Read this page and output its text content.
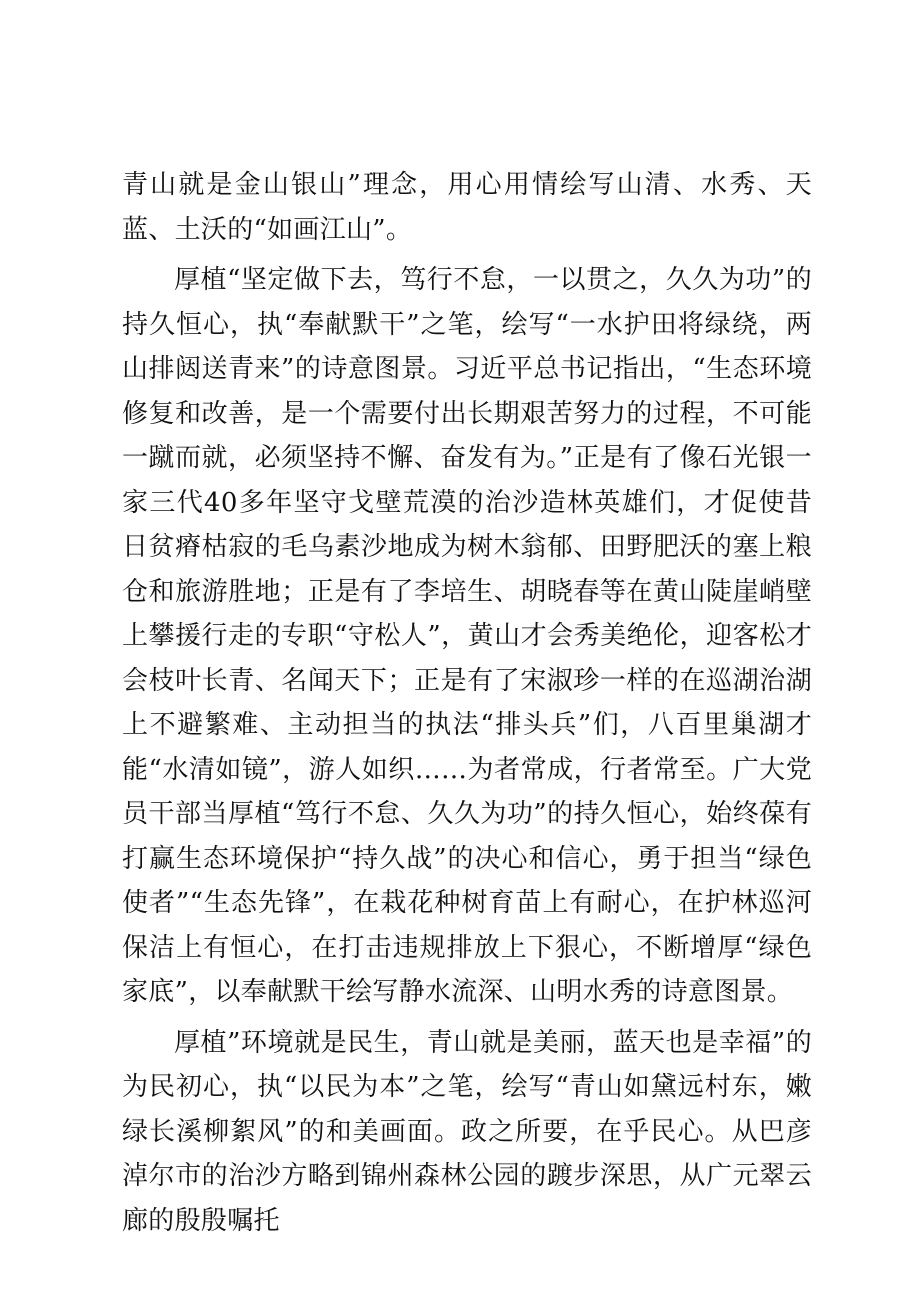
青山就是金山银山”理念，用心用情绘写山清、水秀、天蓝、土沃的“如画江山”。

厚植“坚定做下去，笃行不怠，一以贯之，久久为功”的持久恒心，执“奉献默干”之笔，绘写“一水护田将绿绕，两山排闼送青来”的诗意图景。习近平总书记指出，“生态环境修复和改善，是一个需要付出长期艰苦努力的过程，不可能一蹴而就，必须坚持不懈、奋发有为。”正是有了像石光银一家三代40多年坚守戈壁荒漠的治沙造林英雄们，才促使昔日贫瘠枯寂的毛乌素沙地成为树木翁郁、田野肥沃的塞上粮仓和旅游胜地；正是有了李培生、胡晓春等在黄山陡崖峭壁上攀援行走的专职“守松人”，黄山才会秀美绝伦，迎客松才会枝叶长青、名闻天下；正是有了宋淑珍一样的在巡湖治湖上不避繁难、主动担当的执法“排头兵”们，八百里巢湖才能“水清如镜”，游人如织……为者常成，行者常至。广大党员干部当厚植“笃行不怠、久久为功”的持久恒心，始终葆有打赢生态环境保护“持久战”的决心和信心，勇于担当“绿色使者”“生态先锋”，在栽花种树育苗上有耐心，在护林巡河保洁上有恒心，在打击违规排放上下狠心，不断增厚“绿色家底”，以奉献默干绘写静水流深、山明水秀的诗意图景。

厚植”环境就是民生，青山就是美丽，蓝天也是幸福”的为民初心，执“以民为本”之笔，绘写“青山如黛远村东，嫩绿长溪柳絮风”的和美画面。政之所要，在乎民心。从巴彦淖尔市的治沙方略到锦州森林公园的踱步深思，从广元翠云廊的殷殷嘱托
